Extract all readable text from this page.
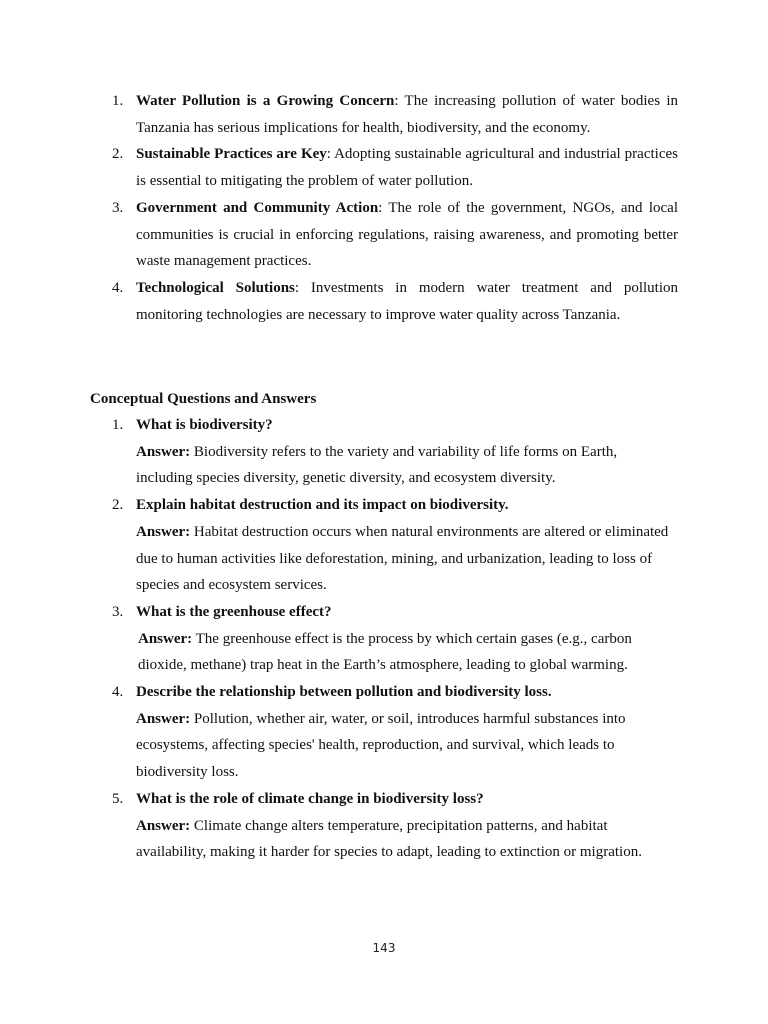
1. Water Pollution is a Growing Concern: The increasing pollution of water bodies in Tanzania has serious implications for health, biodiversity, and the economy.
2. Sustainable Practices are Key: Adopting sustainable agricultural and industrial practices is essential to mitigating the problem of water pollution.
3. Government and Community Action: The role of the government, NGOs, and local communities is crucial in enforcing regulations, raising awareness, and promoting better waste management practices.
4. Technological Solutions: Investments in modern water treatment and pollution monitoring technologies are necessary to improve water quality across Tanzania.
Conceptual Questions and Answers
1. What is biodiversity?
Answer: Biodiversity refers to the variety and variability of life forms on Earth, including species diversity, genetic diversity, and ecosystem diversity.
2. Explain habitat destruction and its impact on biodiversity.
Answer: Habitat destruction occurs when natural environments are altered or eliminated due to human activities like deforestation, mining, and urbanization, leading to loss of species and ecosystem services.
3. What is the greenhouse effect?
Answer: The greenhouse effect is the process by which certain gases (e.g., carbon dioxide, methane) trap heat in the Earth’s atmosphere, leading to global warming.
4. Describe the relationship between pollution and biodiversity loss.
Answer: Pollution, whether air, water, or soil, introduces harmful substances into ecosystems, affecting species' health, reproduction, and survival, which leads to biodiversity loss.
5. What is the role of climate change in biodiversity loss?
Answer: Climate change alters temperature, precipitation patterns, and habitat availability, making it harder for species to adapt, leading to extinction or migration.
143
